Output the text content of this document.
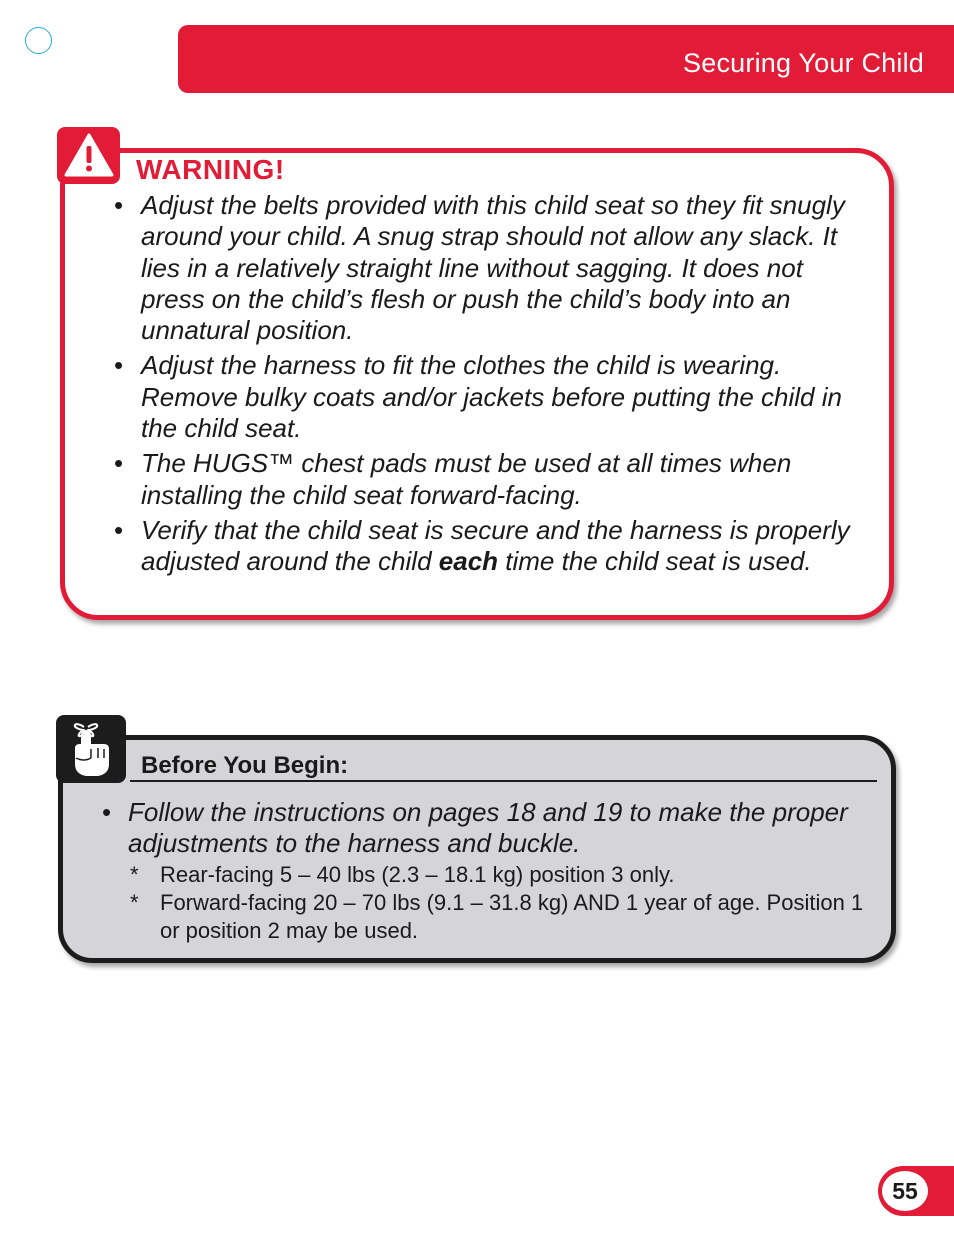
Securing Your Child
WARNING!
• Adjust the belts provided with this child seat so they fit snugly around your child. A snug strap should not allow any slack. It lies in a relatively straight line without sagging. It does not press on the child’s flesh or push the child’s body into an unnatural position.
• Adjust the harness to fit the clothes the child is wearing. Remove bulky coats and/or jackets before putting the child in the child seat.
• The HUGS™ chest pads must be used at all times when installing the child seat forward-facing.
• Verify that the child seat is secure and the harness is properly adjusted around the child each time the child seat is used.
Before You Begin:
• Follow the instructions on pages 18 and 19 to make the proper adjustments to the harness and buckle.
* Rear-facing 5 – 40 lbs (2.3 – 18.1 kg) position 3 only.
* Forward-facing 20 – 70 lbs (9.1 – 31.8 kg) AND 1 year of age. Position 1 or position 2 may be used.
55
